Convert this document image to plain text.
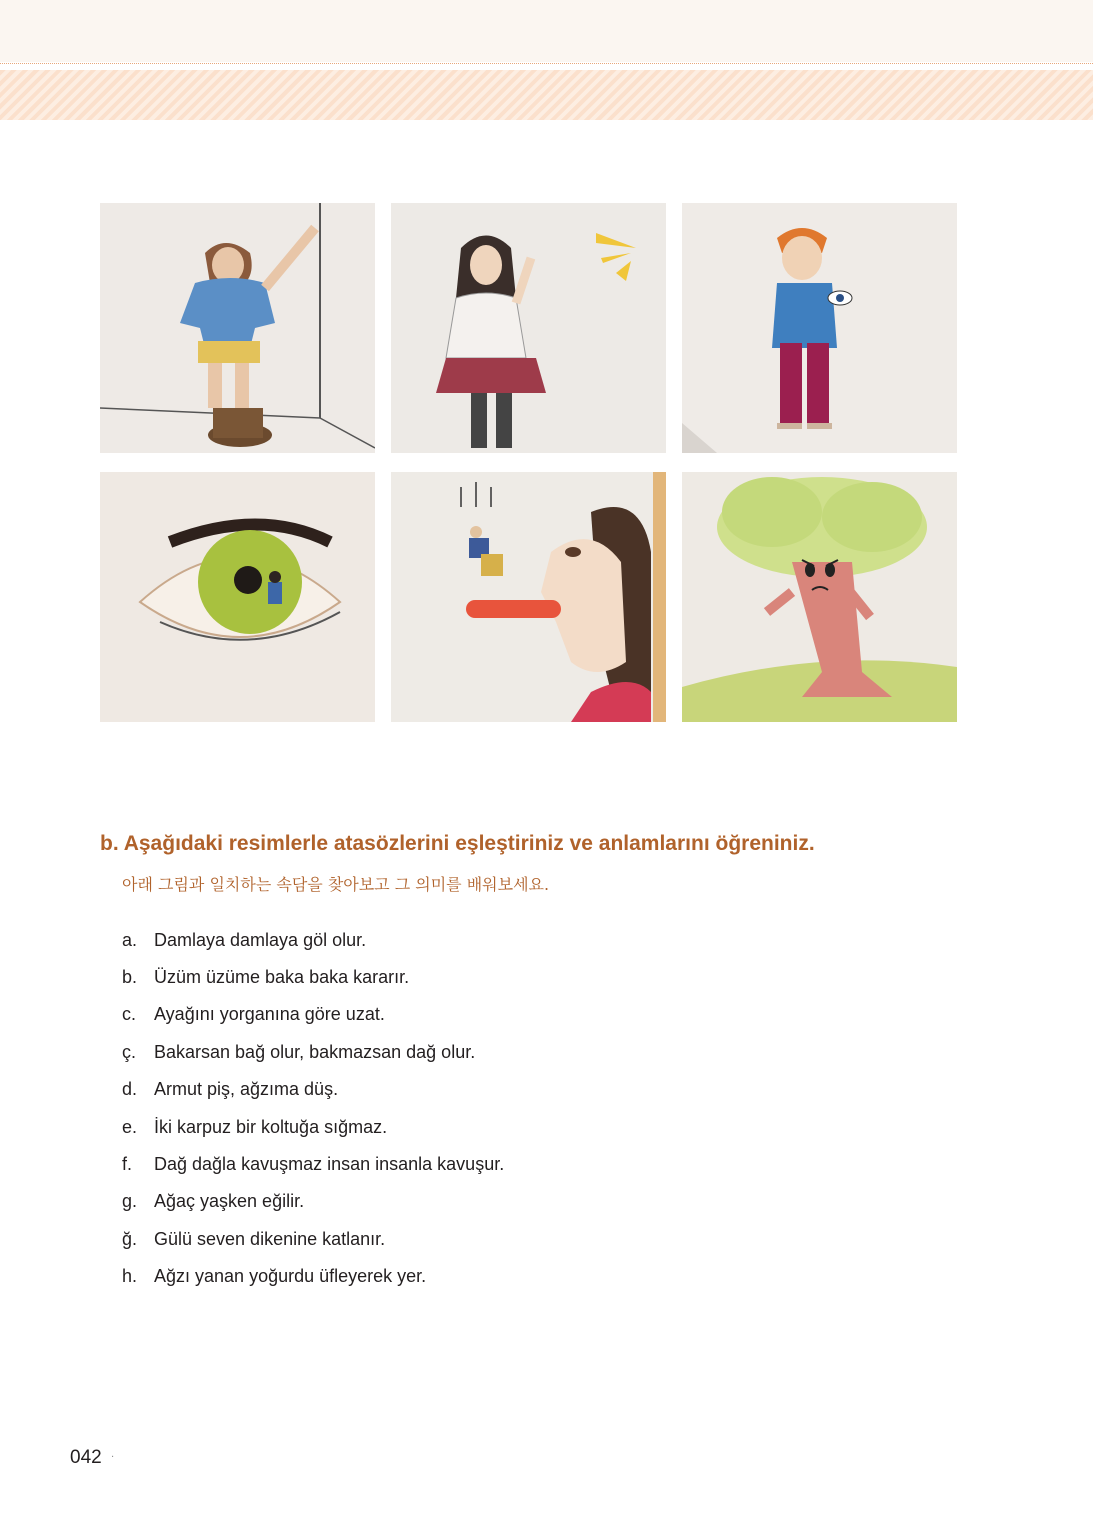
b. Aşağıdaki resimlerle atasözlerini eşleştiriniz ve anlamlarını öğreniniz.
아래 그림과 일치하는 속담을 찾아보고 그 의미를 배워보세요.
a. Damlaya damlaya göl olur.
b. Üzüm üzüme baka baka kararır.
c. Ayağını yorganına göre uzat.
ç. Bakarsan bağ olur, bakmazsan dağ olur.
d. Armut piş, ağzıma düş.
e. İki karpuz bir koltuğa sığmaz.
f.	Dağ dağla kavuşmaz insan insanla kavuşur.
g. Ağaç yaşken eğilir.
ğ. Gülü seven dikenine katlanır.
h. Ağzı yanan yoğurdu üfleyerek yer.
042 ·
